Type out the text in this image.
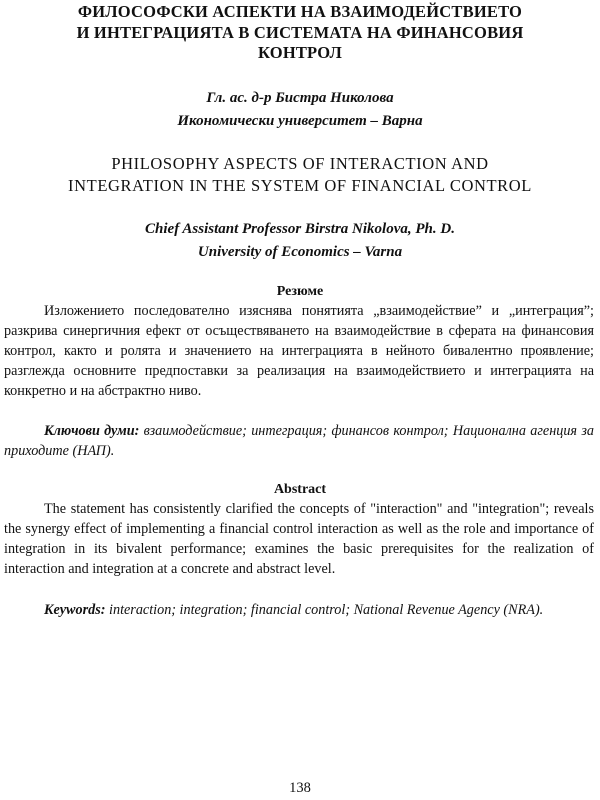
ФИЛОСОФСКИ АСПЕКТИ НА ВЗАИМОДЕЙСТВИЕТО
И ИНТЕГРАЦИЯТА В СИСТЕМАТА НА ФИНАНСОВИЯ
КОНТРОЛ
Гл. ас. д-р Бистра Николова
Икономически университет – Варна
PHILOSOPHY ASPECTS OF INTERACTION AND
INTEGRATION IN THE SYSTEM OF FINANCIAL CONTROL
Chief Assistant Professor Birstra Nikolova, Ph. D.
University of Economics – Varna
Резюме

Изложението последователно изяснява понятията „взаимодействие” и „интеграция”; разкрива синергичния ефект от осъществяването на взаимодействие в сферата на финансовия контрол, както и ролята и значението на интеграцията в нейното бивалентно проявление; разглежда основните предпоставки за реализация на взаимодействието и интеграцията на конкретно и на абстрактно ниво.

Ключови думи: взаимодействие; интеграция; финансов контрол; Национална агенция за приходите (НАП).

Abstract

The statement has consistently clarified the concepts of "interaction" and "integration"; reveals the synergy effect of implementing a financial control interaction as well as the role and importance of integration in its bivalent performance; examines the basic prerequisites for the realization of interaction and integration at a concrete and abstract level.

Keywords: interaction; integration; financial control; National Revenue Agency (NRA).

138
